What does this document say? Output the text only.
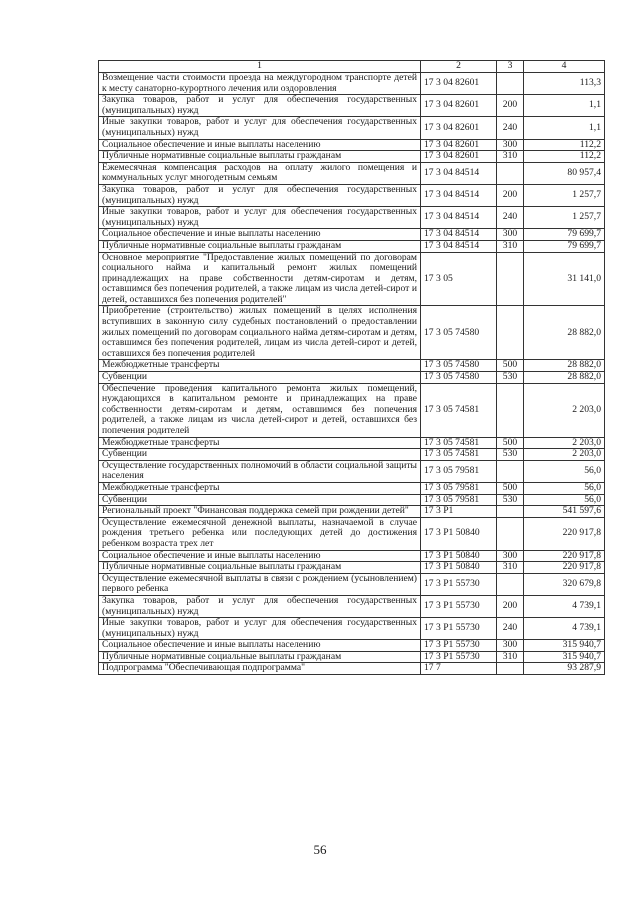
1	2	3	4
Возмещение части стоимости проезда на междугородном транспорте детей к месту санаторно-курортного лечения или оздоровления	17 3 04 82601		113,3
Закупка товаров, работ и услуг для обеспечения государственных (муниципальных) нужд	17 3 04 82601	200	1,1
Иные закупки товаров, работ и услуг для обеспечения государственных (муниципальных) нужд	17 3 04 82601	240	1,1
Социальное обеспечение и иные выплаты населению	17 3 04 82601	300	112,2
Публичные нормативные социальные выплаты гражданам	17 3 04 82601	310	112,2
Ежемесячная компенсация расходов на оплату жилого помещения и коммунальных услуг многодетным семьям	17 3 04 84514		80 957,4
Закупка товаров, работ и услуг для обеспечения государственных (муниципальных) нужд	17 3 04 84514	200	1 257,7
Иные закупки товаров, работ и услуг для обеспечения государственных (муниципальных) нужд	17 3 04 84514	240	1 257,7
Социальное обеспечение и иные выплаты населению	17 3 04 84514	300	79 699,7
Публичные нормативные социальные выплаты гражданам	17 3 04 84514	310	79 699,7
Основное мероприятие "Предоставление жилых помещений по договорам социального найма и капитальный ремонт жилых помещений принадлежащих на праве собственности детям-сиротам и детям, оставшимся без попечения родителей, а также лицам из числа детей-сирот и детей, оставшихся без попечения родителей"	17 3 05		31 141,0
Приобретение (строительство) жилых помещений в целях исполнения вступивших в законную силу судебных постановлений о предоставлении жилых помещений по договорам социального найма детям-сиротам и детям, оставшимся без попечения родителей, лицам из числа детей-сирот и детей, оставшихся без попечения родителей	17 3 05 74580		28 882,0
Межбюджетные трансферты	17 3 05 74580	500	28 882,0
Субвенции	17 3 05 74580	530	28 882,0
Обеспечение проведения капитального ремонта жилых помещений, нуждающихся в капитальном ремонте и принадлежащих на праве собственности детям-сиротам и детям, оставшимся без попечения родителей, а также лицам из числа детей-сирот и детей, оставшихся без попечения родителей	17 3 05 74581		2 203,0
Межбюджетные трансферты	17 3 05 74581	500	2 203,0
Субвенции	17 3 05 74581	530	2 203,0
Осуществление государственных полномочий в области социальной защиты населения	17 3 05 79581		56,0
Межбюджетные трансферты	17 3 05 79581	500	56,0
Субвенции	17 3 05 79581	530	56,0
Региональный проект "Финансовая поддержка семей при рождении детей"	17 3 P1		541 597,6
Осуществление ежемесячной денежной выплаты, назначаемой в случае рождения третьего ребенка или последующих детей до достижения ребенком возраста трех лет	17 3 P1 50840		220 917,8
Социальное обеспечение и иные выплаты населению	17 3 P1 50840	300	220 917,8
Публичные нормативные социальные выплаты гражданам	17 3 P1 50840	310	220 917,8
Осуществление ежемесячной выплаты в связи с рождением (усыновлением) первого ребенка	17 3 P1 55730		320 679,8
Закупка товаров, работ и услуг для обеспечения государственных (муниципальных) нужд	17 3 P1 55730	200	4 739,1
Иные закупки товаров, работ и услуг для обеспечения государственных (муниципальных) нужд	17 3 P1 55730	240	4 739,1
Социальное обеспечение и иные выплаты населению	17 3 P1 55730	300	315 940,7
Публичные нормативные социальные выплаты гражданам	17 3 P1 55730	310	315 940,7
Подпрограмма "Обеспечивающая подпрограмма"	17 7		93 287,9
56
